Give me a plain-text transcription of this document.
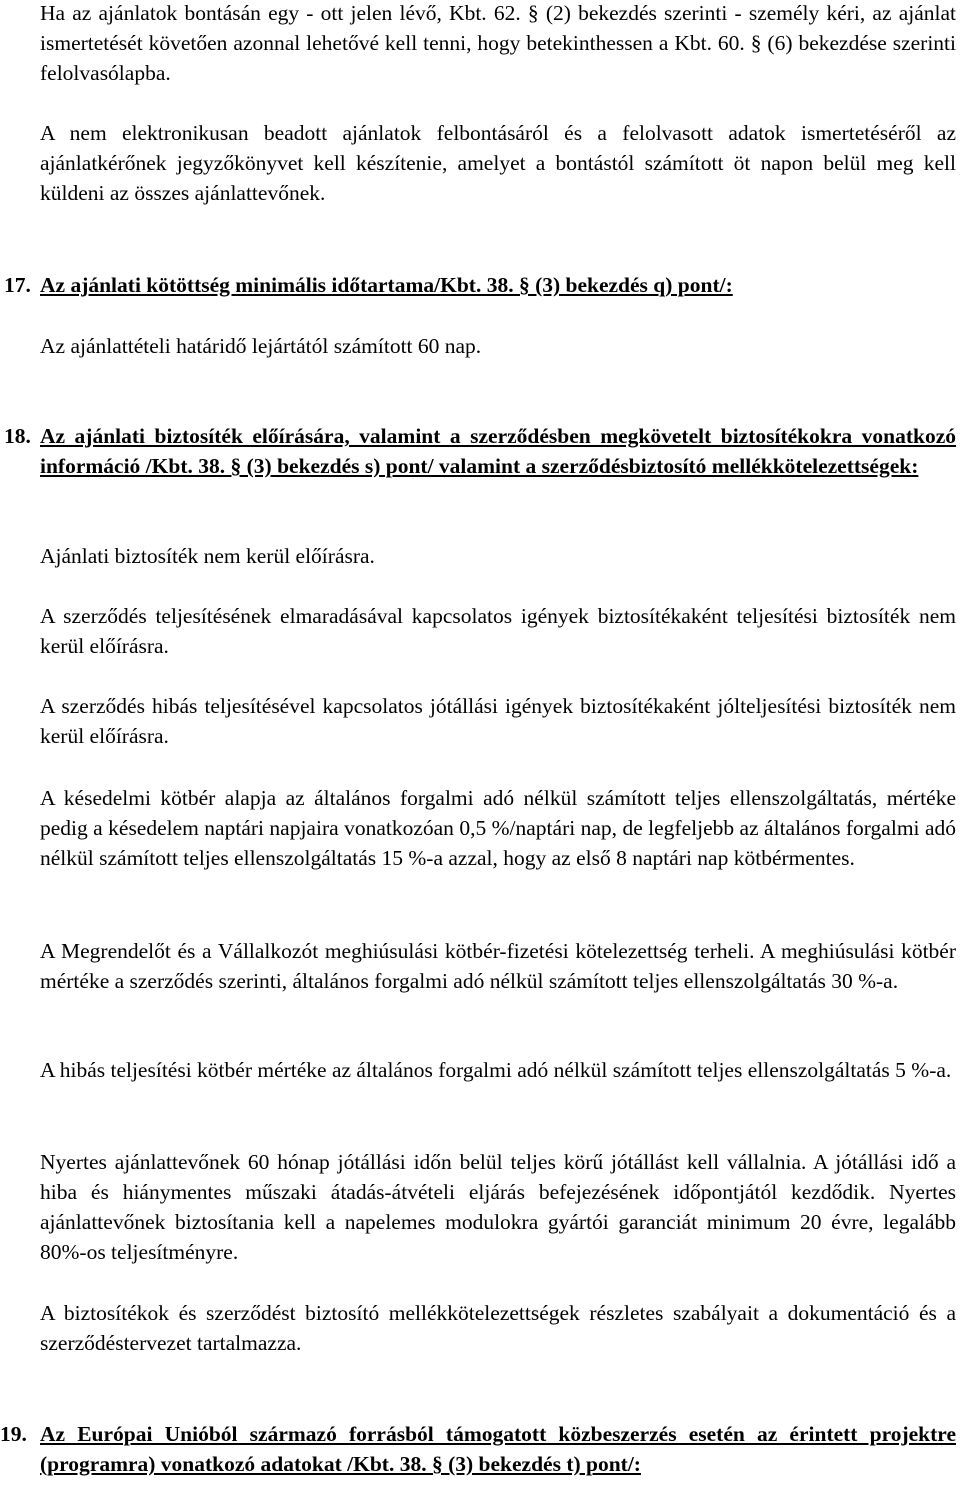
Ha az ajánlatok bontásán egy - ott jelen lévő, Kbt. 62. § (2) bekezdés szerinti - személy kéri, az ajánlat ismertetését követően azonnal lehetővé kell tenni, hogy betekinthessen a Kbt. 60. § (6) bekezdése szerinti felolvasólapba.

A nem elektronikusan beadott ajánlatok felbontásáról és a felolvasott adatok ismertetéséről az ajánlatkérőnek jegyzőkönyvet kell készítenie, amelyet a bontástól számított öt napon belül meg kell küldeni az összes ajánlattevőnek.

17. Az ajánlati kötöttség minimális időtartama/Kbt. 38. § (3) bekezdés q) pont/:

Az ajánlattételi határidő lejártától számított 60 nap.

18. Az ajánlati biztosíték előírására, valamint a szerződésben megkövetelt biztosítékokra vonatkozó információ /Kbt. 38. § (3) bekezdés s) pont/ valamint a szerződésbiztosító mellékkötelezettségek:

Ajánlati biztosíték nem kerül előírásra.

A szerződés teljesítésének elmaradásával kapcsolatos igények biztosítékaként teljesítési biztosíték nem kerül előírásra.

A szerződés hibás teljesítésével kapcsolatos jótállási igények biztosítékaként jólteljesítési biztosíték nem kerül előírásra.

A késedelmi kötbér alapja az általános forgalmi adó nélkül számított teljes ellenszolgáltatás, mértéke pedig a késedelem naptári napjaira vonatkozóan 0,5 %/naptári nap, de legfeljebb az általános forgalmi adó nélkül számított teljes ellenszolgáltatás 15 %-a azzal, hogy az első 8 naptári nap kötbérmentes.

A Megrendelőt és a Vállalkozót meghiúsulási kötbér-fizetési kötelezettség terheli. A meghiúsulási kötbér mértéke a szerződés szerinti, általános forgalmi adó nélkül számított teljes ellenszolgáltatás 30 %-a.

A hibás teljesítési kötbér mértéke az általános forgalmi adó nélkül számított teljes ellenszolgáltatás 5 %-a.

Nyertes ajánlattevőnek 60 hónap jótállási időn belül teljes körű jótállást kell vállalnia. A jótállási idő a hiba és hiánymentes műszaki átadás-átvételi eljárás befejezésének időpontjától kezdődik. Nyertes ajánlattevőnek biztosítania kell a napelemes modulokra gyártói garanciát minimum 20 évre, legalább 80%-os teljesítményre.

A biztosítékok és szerződést biztosító mellékkötelezettségek részletes szabályait a dokumentáció és a szerződéstervezet tartalmazza.

19. Az Európai Unióból származó forrásból támogatott közbeszerzés esetén az érintett projektre (programra) vonatkozó adatokat /Kbt. 38. § (3) bekezdés t) pont/:
